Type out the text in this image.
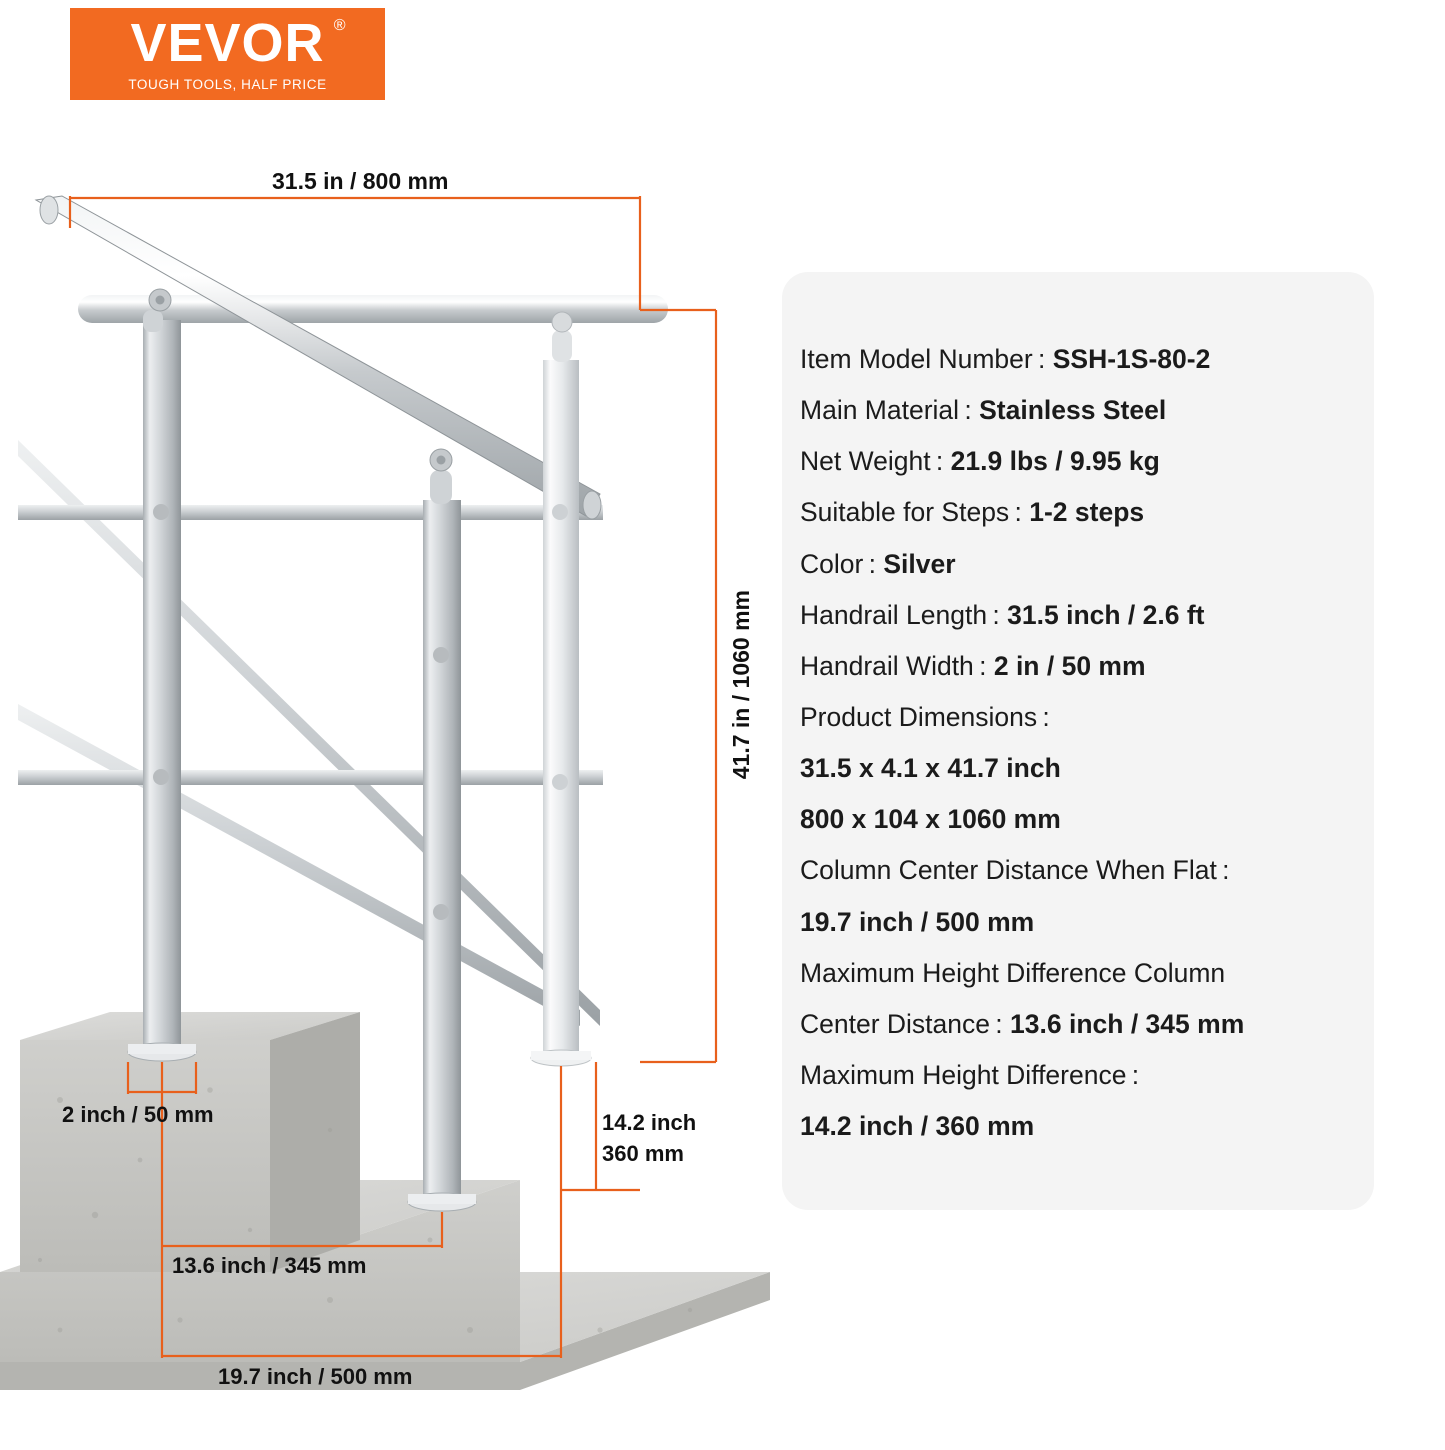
VEVOR ®
TOUGH TOOLS, HALF PRICE
31.5 in / 800 mm
41.7 in / 1060 mm
2 inch / 50 mm
13.6 inch / 345 mm
19.7 inch / 500 mm
14.2 inch
360 mm
Item Model Number : SSH-1S-80-2
Main Material : Stainless Steel
Net Weight : 21.9 lbs / 9.95 kg
Suitable for Steps : 1-2 steps
Color : Silver
Handrail Length : 31.5 inch / 2.6 ft
Handrail Width : 2 in / 50 mm
Product Dimensions :
31.5 x 4.1 x 41.7 inch
800 x 104 x 1060 mm
Column Center Distance When Flat :
19.7 inch / 500 mm
Maximum Height Difference Column
Center Distance : 13.6 inch / 345 mm
Maximum Height Difference :
14.2 inch / 360 mm
